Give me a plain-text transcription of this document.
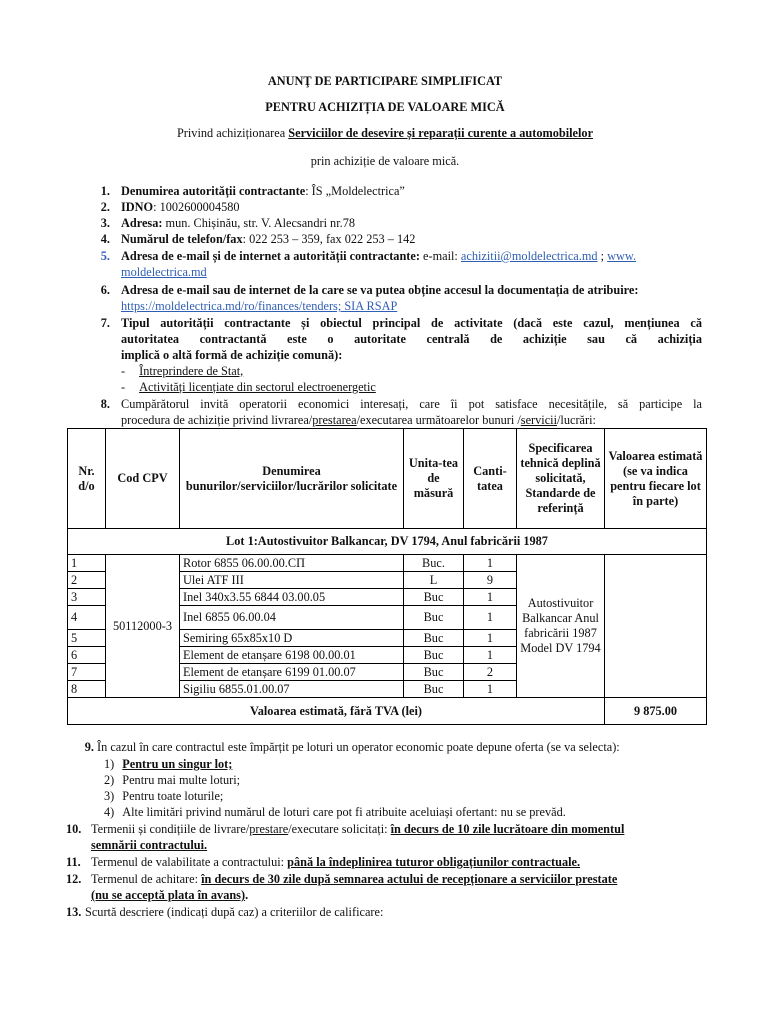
ANUNŢ DE PARTICIPARE SIMPLIFICAT
PENTRU ACHIZIȚIA DE VALOARE MICĂ
Privind achiziționarea Serviciilor de desevire și reparații curente a automobilelor
prin achiziție de valoare mică.
1. Denumirea autorității contractante: ÎS „Moldelectrica”
2. IDNO: 1002600004580
3. Adresa: mun. Chișinău, str. V. Alecsandri nr.78
4. Numărul de telefon/fax: 022 253 – 359, fax 022 253 – 142
5. Adresa de e-mail și de internet a autorității contractante: e-mail: achizitii@moldelectrica.md ; www.
moldelectrica.md
6. Adresa de e-mail sau de internet de la care se va putea obține accesul la documentația de atribuire:
https://moldelectrica.md/ro/finances/tenders; SIA RSAP
7. Tipul autorității contractante și obiectul principal de activitate (dacă este cazul, mențiunea că
autoritatea contractantă este o autoritate centrală de achiziție sau că achiziția
implică o altă formă de achiziție comună):
- Întreprindere de Stat,
- Activități licențiate din sectorul electroenergetic
8. Cumpărătorul invită operatorii economici interesați, care îi pot satisface necesitățile, să participe la
procedura de achiziție privind livrarea/prestarea/executarea următoarelor bunuri /servicii/lucrări:
Nr. d/o	Cod CPV	Denumirea bunurilor/serviciilor/lucrărilor solicitate	Unita-tea de măsură	Canti-tatea	Specificarea tehnică deplină solicitată, Standarde de referință	Valoarea estimată (se va indica pentru fiecare lot în parte)
Lot 1:Autostivuitor Balkancar, DV 1794, Anul fabricării 1987						
1	50112000-3	Rotor 6855 06.00.00.СП	Buc.	1	Autostivuitor Balkancar Anul fabricării 1987 Model DV 1794	
2		Ulei ATF III	L	9		
3		Inel 340x3.55 6844 03.00.05	Buc	1		
4		Inel 6855 06.00.04	Buc	1		
5		Semiring 65x85x10 D	Buc	1		
6		Element de etanșare 6198 00.00.01	Buc	1		
7		Element de etanșare 6199 01.00.07	Buc	2		
8		Sigiliu 6855.01.00.07	Buc	1		
Valoarea estimată, fără TVA (lei)						9 875.00
9. În cazul în care contractul este împărțit pe loturi un operator economic poate depune oferta (se va selecta):
1) Pentru un singur lot;
2) Pentru mai multe loturi;
3) Pentru toate loturile;
4) Alte limitări privind numărul de loturi care pot fi atribuite aceluiași ofertant: nu se prevăd.
10. Termenii și condițiile de livrare/prestare/executare solicitați: în decurs de 10 zile lucrătoare din momentul
semnării contractului.
11. Termenul de valabilitate a contractului: până la îndeplinirea tuturor obligațiunilor contractuale.
12. Termenul de achitare: în decurs de 30 zile după semnarea actului de recepționare a serviciilor prestate
(nu se acceptă plata în avans).
13. Scurtă descriere (indicați după caz) a criteriilor de calificare:
